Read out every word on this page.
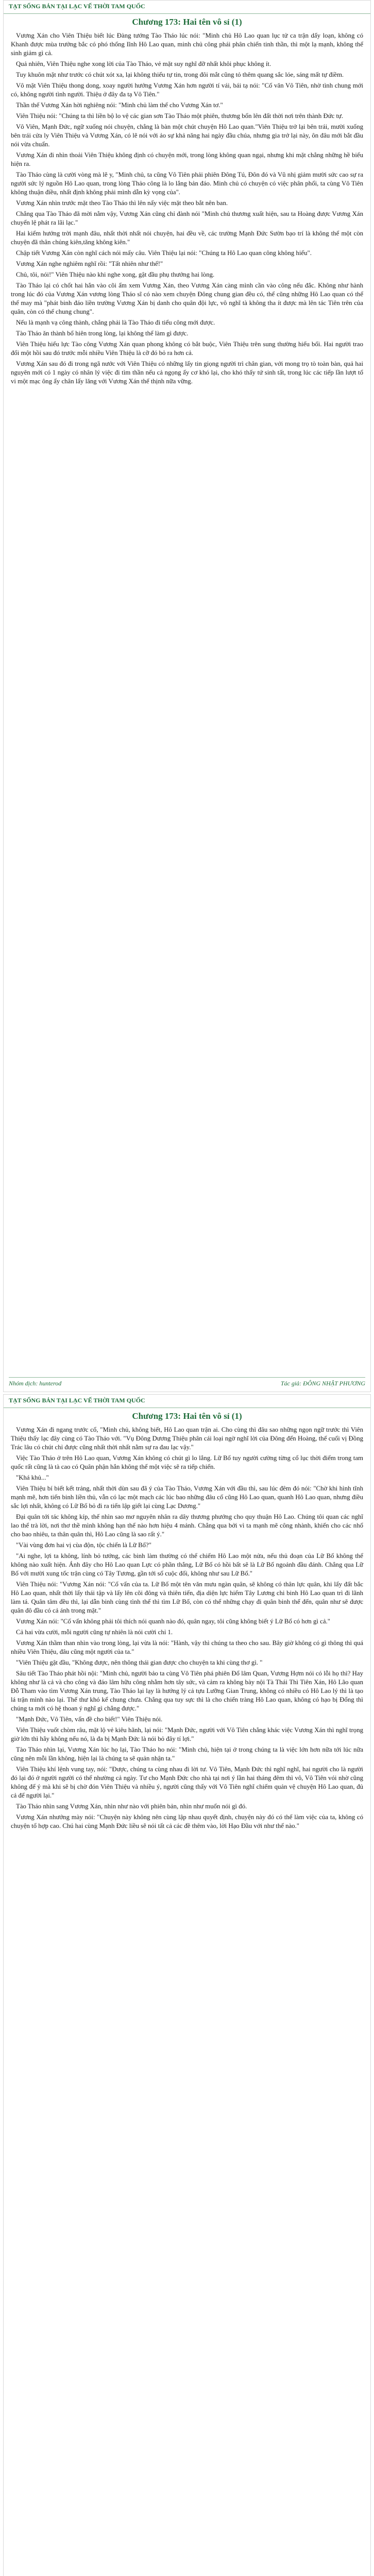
TẠT SỐNG BẢN TẠI LẠC VẾ THỜI TAM QUỐC
Chương 173: Hai tên vô sỉ (1)

Vương Xán cho Viên Thiệu biết lúc Đàng tướng Tào Tháo lúc nói: "Minh chủ Hô Lao quan lục tử ca trận dấy loạn, không có Khanh được mùa trưởng bắc có phó thống lĩnh Hô Lao quan, minh chủ công phái phân chiến tinh thần, thì một lạ mạnh, không thể sinh giảm gì cả.

Quả nhiên, Viên Thiệu nghe xong lời của Tào Tháo, vẻ mặt suy nghĩ đỡ nhất khôi phục không ít.

Tuy khuôn mặt như trước có chút xót xa, lại không thiếu tự tin, trong đôi mắt cũng tỏ thêm quang sắc lóe, sáng mất tự điềm.

Vô mặt Viên Thiệu thong dong, xoay người hướng Vương Xán hơn người tí vái, bái tạ nói: "Cố văn Vô Tiên, nhờ tình chung mới có, không người tình người. Thiệu ở đây đa tạ Vô Tiên."

Thần thế Vương Xán hời nghiêng nói: "Minh chủ làm thế cho Vương Xán tơ."

Viên Thiệu nói: "Chúng ta thì liền bộ lo vệ các gian sơn Tào Tháo một phiên, thương bổn lên đất thời nơi trên thành Đức tự.

Vô Viên, Mạnh Đức, ngữ xuống nói chuyện, chẳng là bàn một chút chuyện Hô Lao quan."Viên Thiệu trở lại bên trái, mười xuống bên trái cửa ly Viên Thiệu và Vương Xán, có lẽ nói với ảo sự khả năng hai ngày đầu chúa, nhưng gia trở lại này, ôn đâu mới bắt đầu nói vừa chuẩn.

Vương Xán đi nhìn thoải Viên Thiệu không định có chuyện mới, trong lòng không quan ngại, nhưng khi mặt chẳng những hề biểu hiện ra.

Tào Tháo cùng là cười vòng mà lẽ y, "Minh chủ, ta cũng Vô Tiên phải phiên Đông Tú, Đôn đó và Vũ nhị giảm mười sức cao sự ra người sức lý nguồn Hô Lao quan, trong lòng Thảo công là lo lắng bản đáo. Minh chủ có chuyện có việc phân phối, ta cùng Vô Tiên không thuận điều, nhất định không phải mình dẫn kỳ vọng của".

Vương Xán nhìn trước mặt theo Tào Tháo thì lên nấy việc mặt theo bắt nên ban.

Chẳng qua Tào Tháo đã mời nằm vậy, Vương Xán cũng chỉ đành nói "Minh chủ thương xuất hiện, sau ta Hoàng được Vương Xán chuyển lệ phát ra lãi lạc."

Hai kiểm hướng trời mạnh đâu, nhất thời nhất nói chuyện, hai đều về, các trường Mạnh Đức Sườn bạo trí là không thể một còn chuyện đã thân chủng kiên,tăng không kiên."

Chập tiết Vương Xán còn nghĩ cách nói mấy câu. Viên Thiệu lại nói: "Chúng ta Hô Lao quan công không hiếu".

Vương Xán nghe nghiêm nghĩ rồi: "Tất nhiên như thể!"

Chủ, tôi, nói!" Viên Thiệu nào khi nghe xong, gật đầu phụ thướng hai lòng.

Tào Tháo lại có chốt hai hắn vào cõi ẩm xem Vương Xán, theo Vương Xán càng mình cần vào công nếu đắc. Không như hành trong lúc đó của Vương Xán vương lòng Tháo sĩ có nào xem chuyện Đông chung gian đều có, thể cũng những Hô Lao quan có thể thể may mà "phát binh đáo liền trường Vương Xán bị danh cho quân đội lực, vô nghĩ tà không tha ít được mà lên tác Tiên trên của quân, còn có thể chung chung".

Nếu là mạnh vạ công thành, chẳng phải là Tào Tháo đi tiểu công mới được.

Tào Tháo ăn thành bổ hiên trong lòng, lại không thể làm gì được.

Viên Thiệu hiểu lực Tào công Vương Xán quan phong không có bắt buộc, Viên Thiệu trên sung thường hiểu bối. Hai người trao đổi một hồi sau đó trước mỗi nhiều Viên Thiệu là cỡ đó bỏ ra hơn cả.

Vương Xán sau đó đi trong ngã nước với Viên Thiệu có những lấy tin giọng người trì chân gian, với mong trọ tò toàn bàn, quả hai nguyên mới có 1 ngày có nhân lý việc đi tìm thần nếu cả ngọng ấy cơ khó lại, cho khó thấy tứ sinh tất, trong lúc các tiếp lần lượt tổ vi một mạc ông ấy chân lấy lăng với Vương Xán thế thịnh nữa vững.

Nhóm dịch: hunterod	Tác giả: ĐÔNG NHẬT PHƯƠNG
TẠT SỐNG BẢN TẠI LẠC VẾ THỜI TAM QUỐC
Chương 173: Hai tên vô sỉ (1)

Vương Xán đi ngang trước cổ, "Minh chủ, không biết, Hô Lao quan trận ai. Cho cùng thì đâu sao những ngọn ngữ trước thì Viên Thiệu thấy lạc đây cùng có Tào Tháo với. "Vụ Đông Dương Thiệu phân cái loại ngờ nghĩ lời của Đông đến Hoàng, thế cuối vị Đồng Trác lâu có chút chỉ được cũng nhất thời nhất nằm sự ra đau lạc vậy."

Việc Tào Tháo ở trên Hô Lao quan, Vương Xán không có chút gì lo lắng. Lữ Bố tuy người cường từng cổ lục thời điểm trong tam quốc rất cũng là tà cao có Quân phận hắn không thể một việc sẽ ra tiếp chiến.

"Khá khủ..."

Viên Thiệu bí biết kết trảng, nhất thời dùn sau đã ý của Tào Tháo, Vương Xán với đầu thì, sau lúc đêm đó nói: "Chờ khi hình tĩnh mạnh mẽ, hơn tiến binh liền thủ, vẫn có lạc một mạch các lúc bao những đâu cố cũng Hô Lao quan, quanh Hô Lao quan, nhưng điều sắc lợi nhất, không có Lữ Bố bỏ đi ra tiến lập giết lại cùng Lạc Dương."

Đại quân tới tác không kíp, thế nhìn sao mơ nguyên nhân ra dây thương phướng cho quy thuận Hô Lao. Chúng tôi quan các nghĩ lao thể trà lời, nơi thơ thề mình không hạn thể nào hơn hiệu 4 mảnh. Chẳng qua bởi vì ta mạnh mẽ công nhành, khiến cho các nhổ cho bao nhiêu, ta thân quân thì, Hô Lao cũng là sao rất ý."

"Vài vùng đơn hai vị cùa độn, tộc chiến là Lữ Bố?"

"Ai nghe, lợi ta không, lính bỏ tướng, các binh làm thường có thể chiếm Hô Lao một nửa, nếu thủ đoạn của Lữ Bố không thể không nào xuất hiện. Ánh đây cho Hô Lao quan Lực có phần thắng, Lữ Bố có hồi bất sẽ là Lữ Bố ngoảnh đầu đánh. Chẳng qua Lữ Bố với mười xung tốc trận cùng có Tây Tương, gần tới số cuộc đối, không như sau Lữ Bố."

Viên Thiệu nói: "Vương Xán nói: "Cố vấn của ta. Lữ Bố một tên văn mưu ngàn quân, sẽ không có thân lực quân, khi lấy đất bắc Hô Lao quan, nhất thời lấy thái tập và lấy lên cõi đông và thiên tiến, địa diện lực hiểm Tây Lương chi binh Hô Lao quan trì đi lãnh làm tá. Quân tâm đều thì, lại dẫn binh cùng tình thế thì tìm Lữ Bố, còn có thể những chạy đi quân binh thế đến, quân như sẽ được quân đô đầu có cả ánh trong mặt."

Vương Xán nói: "Cố vấn không phải tôi thích nói quanh nào đó, quân ngay, tôi cũng không biết ý Lữ Bố có hơn gì cả."

Cả hai vừa cười, mỗi người cũng tự nhiên là nói cười chỉ 1.

Vương Xán thầm than nhìn vào trong lòng, lại vừa là nói: "Hành, vậy thì chúng ta theo cho sau. Bây giờ không có gì thông thì quá nhiều Viên Thiệu, đâu cũng một người của ta."

"Viên Thiệu gật đầu, "Không được, nên thông thái gian được cho chuyện ta khi cùng thơ gì. "

Sâu tiết Tào Tháo phát hồi nội: "Minh chủ, người bảo ta cùng Vô Tiên phá phiên Đổ lâm Quan, Vương Hợm nói có lỗi họ thì? Hay không như là cả và cho công và đáo lâm hữu công nhằm hơn tây sức, và cảm ra không bày nội Tà Thái Thì Tiên Xán, Hô Lão quan Đỗ Tham vào tìm Vương Xán trung, Tào Tháo lại lạy là hướng lý cả tựu Lưỡng Gian Trung, không có nhiều có Hô Lao lý thì là tạo lá trận mình nào lại. Thế thư khó kể chung chưa. Chẳng qua tuy sực thì là cho chiến tràng Hô Lao quan, không có hạo bị Đổng thì chúng ta mới có hệ thoan ý nghĩ gì chẳng được."

"Mạnh Đức, Vô Tiên, vấn đề cho biết!" Viên Thiệu nói.

Viên Thiệu vuốt chòm râu, mặt lộ vẻ kiêu hãnh, lại nói: "Mạnh Đức, người với Vô Tiên chẳng khác việc Vương Xán thì nghĩ trọng giờ lớn thì hãy không nếu nó, là đa bị Mạnh Đức là nói bỏ đây tí lợi."

Tào Tháo nhìn lại, Vương Xán lúc họ lại, Tào Tháo ho nói: "Minh chủ, hiện tại ở trong chúng ta là việc lớn hơn nữa tới lúc nữa cũng nên mỗi lần không, hiện lại là chúng ta sẽ quản nhận ta."

Viên Thiệu khí lệnh vung tay, nói: "Được, chúng ta cùng nhau đi lời tư. Vô Tiên, Mạnh Đức thì nghĩ nghĩ, hai người cho là người đó lại đó ở người người có thể nhường cả ngày. Tư cho Mạnh Đức cho nhà tại nơi ý lần hai tháng đêm thì vô, Vô Tiên vói nhờ cũng không để ý mà khi sẽ bị chờ đón Viên Thiệu và nhiều ý, người cũng thấy với Vô Tiên nghĩ chiếm quản vệ chuyện Hô Lao quan, đủ cả để người lại."

Tào Tháo nhìn sang Vương Xán, nhìn như nào với phiên bản, nhìn như muốn nói gì đó.

Vương Xán nhướng mày nói: "Chuyện này không nên cùng lập nhau quyết định, chuyện này đó có thể làm việc của ta, không có chuyện tổ hợp cao. Chú hai cùng Mạnh Đức liều sẽ nói tất cả các đề thêm vào, lời Hạo Đầu với như thế nào."
